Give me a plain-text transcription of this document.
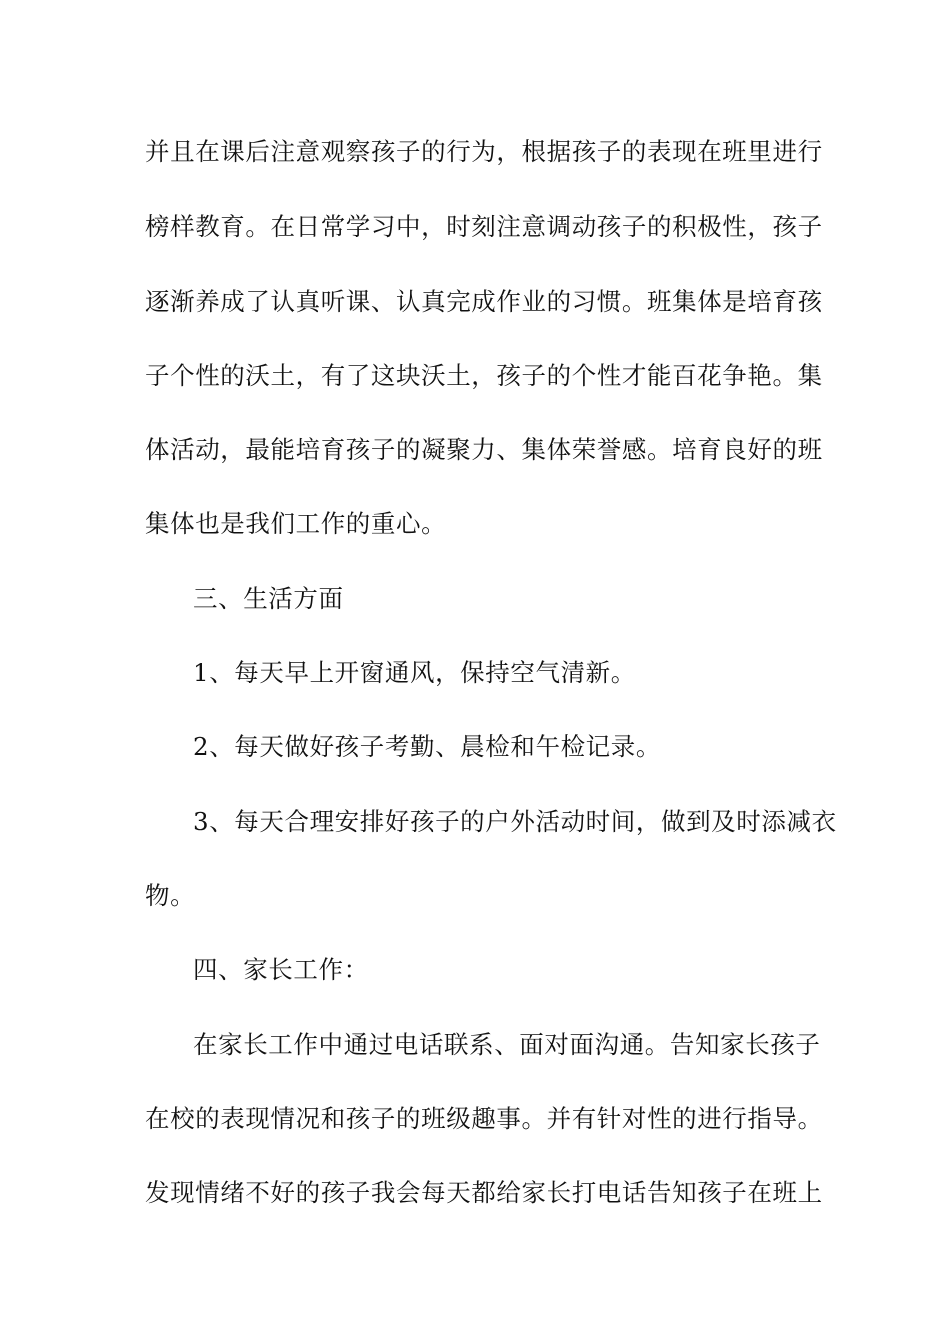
并且在课后注意观察孩子的行为，根据孩子的表现在班里进行
榜样教育。在日常学习中，时刻注意调动孩子的积极性，孩子
逐渐养成了认真听课、认真完成作业的习惯。班集体是培育孩
子个性的沃土，有了这块沃土，孩子的个性才能百花争艳。集
体活动，最能培育孩子的凝聚力、集体荣誉感。培育良好的班
集体也是我们工作的重心。
三、生活方面
1、每天早上开窗通风，保持空气清新。
2、每天做好孩子考勤、晨检和午检记录。
3、每天合理安排好孩子的户外活动时间，做到及时添减衣
物。
四、家长工作：
在家长工作中通过电话联系、面对面沟通。告知家长孩子
在校的表现情况和孩子的班级趣事。并有针对性的进行指导。
发现情绪不好的孩子我会每天都给家长打电话告知孩子在班上
